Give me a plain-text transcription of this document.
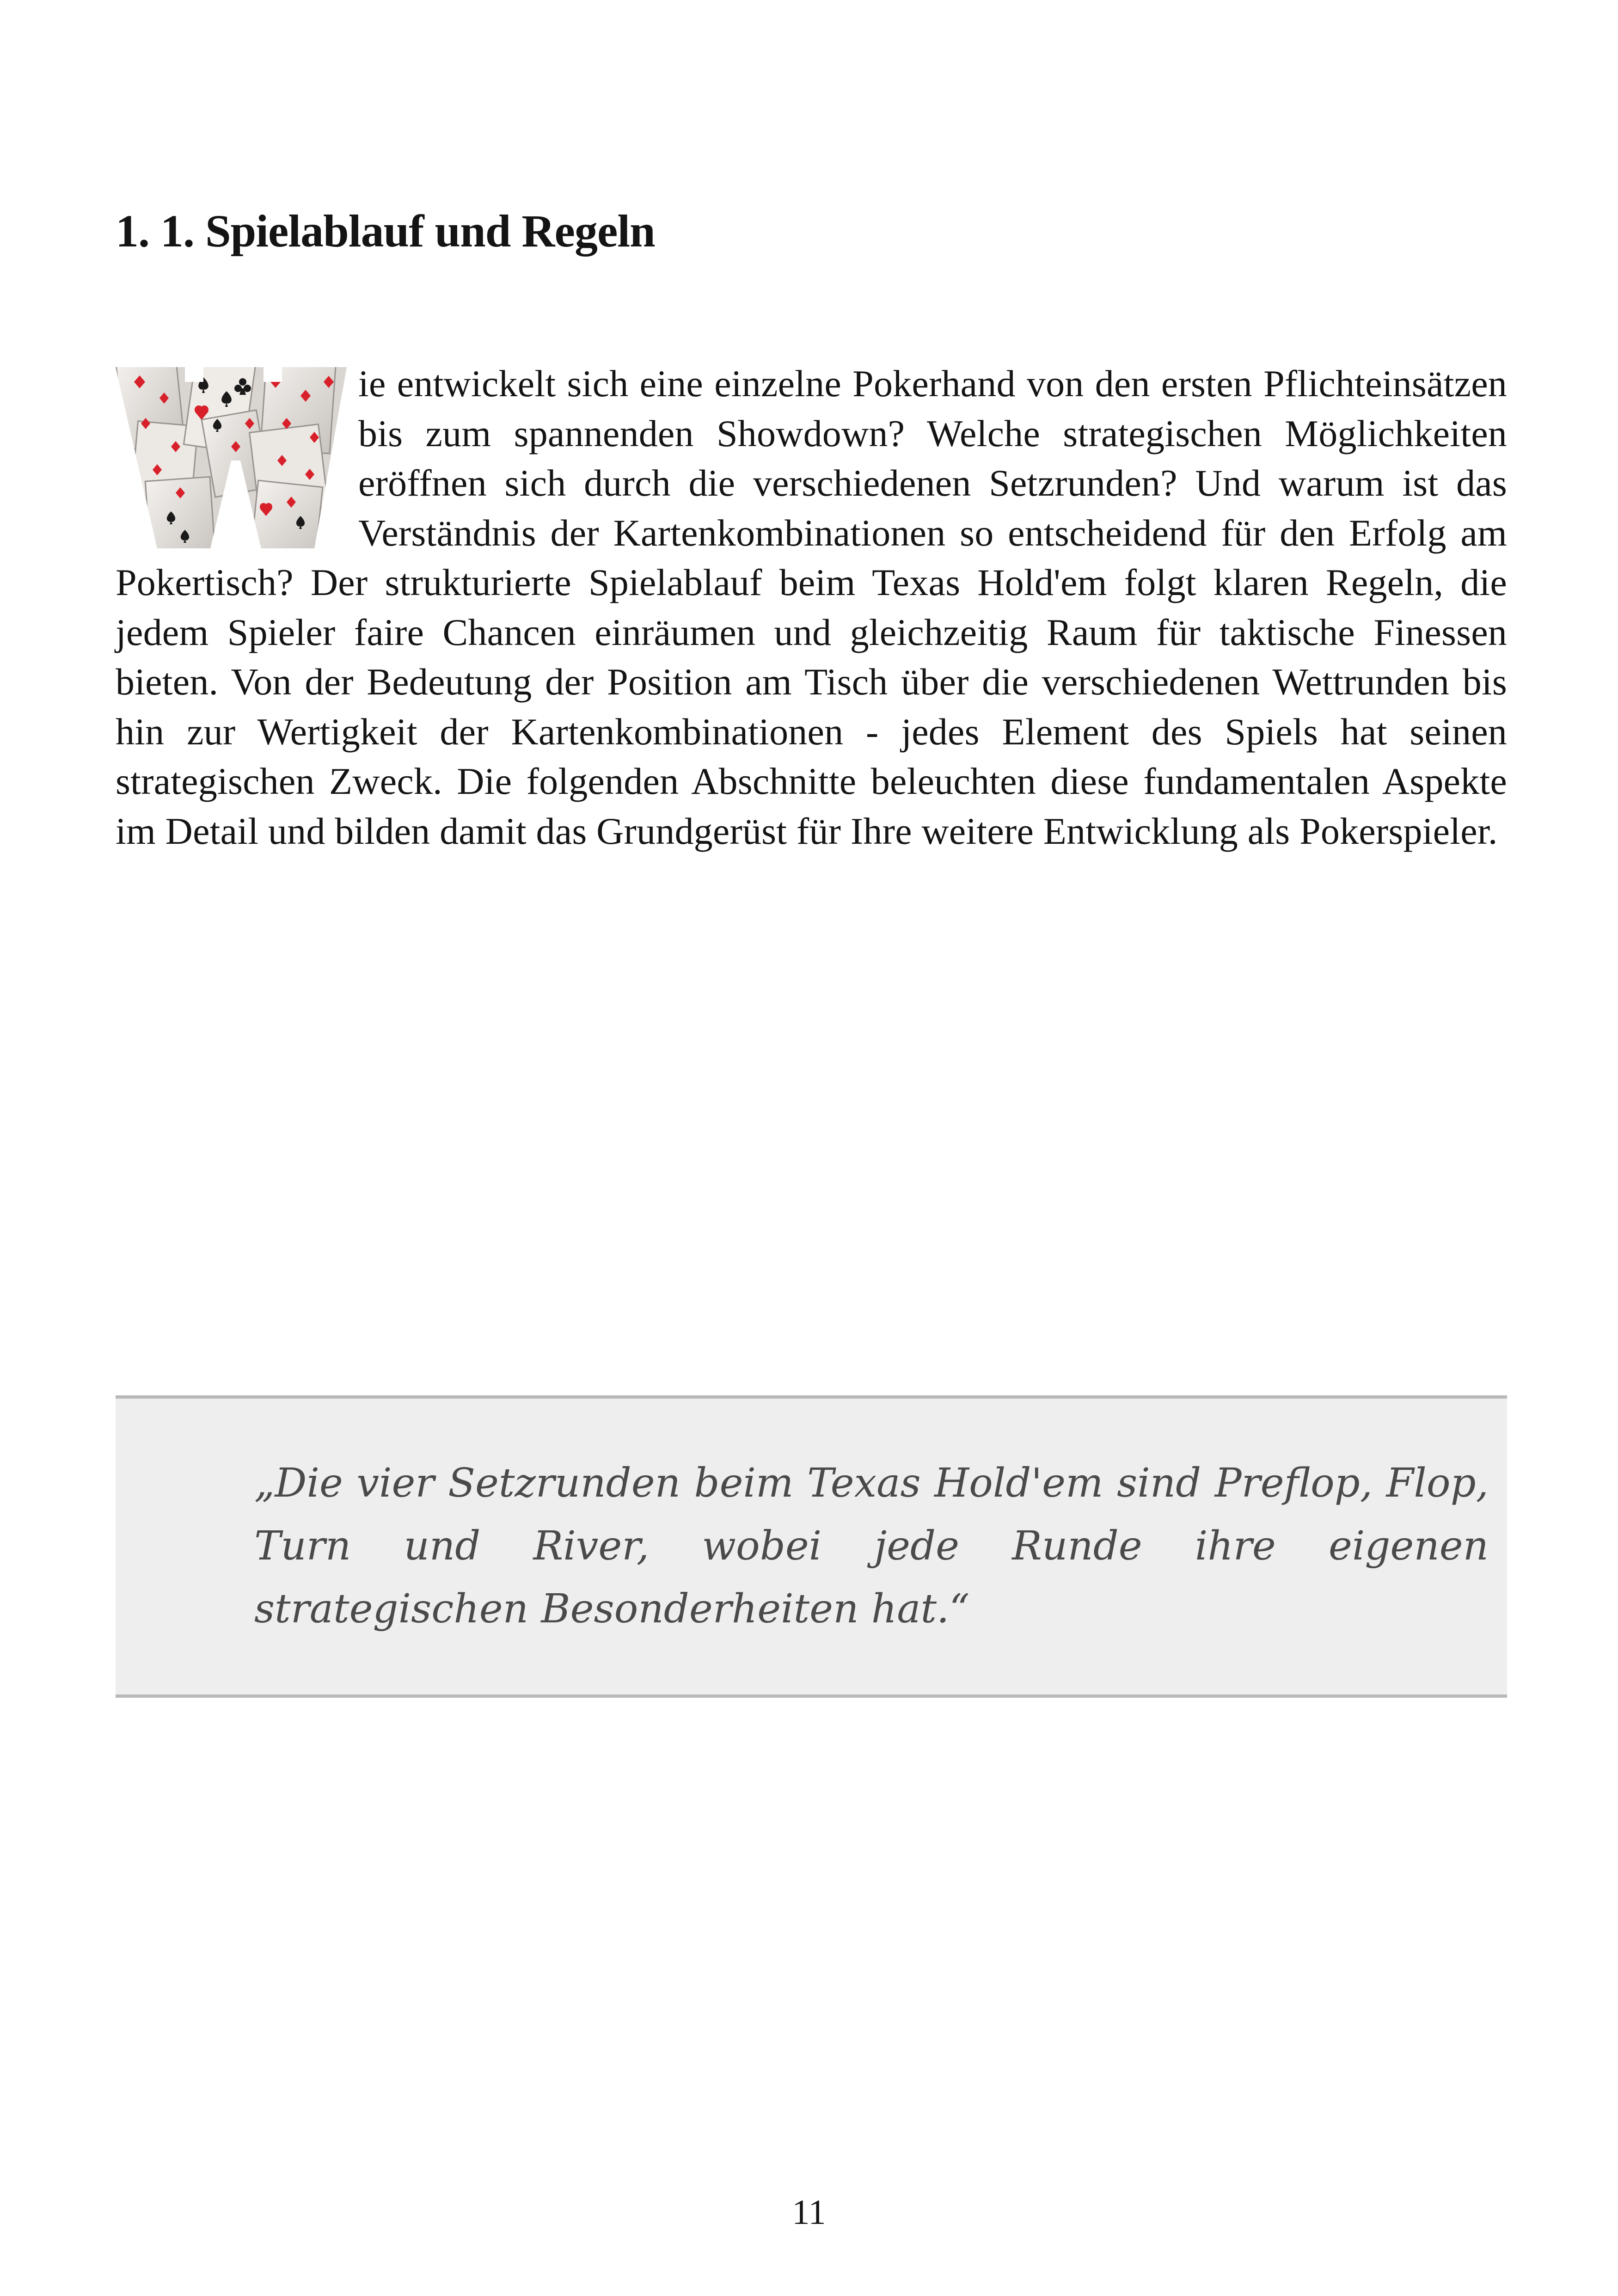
1. 1. Spielablauf und Regeln

ie entwickelt sich eine einzelne Pokerhand von den ersten Pflichteinsätzen bis zum spannenden Showdown? Welche strategischen Möglichkeiten eröffnen sich durch die verschiedenen Setzrunden? Und warum ist das Verständnis der Kartenkombinationen so entscheidend für den Erfolg am Pokertisch? Der strukturierte Spielablauf beim Texas Hold'em folgt klaren Regeln, die jedem Spieler faire Chancen einräumen und gleichzeitig Raum für taktische Finessen bieten. Von der Bedeutung der Position am Tisch über die verschiedenen Wettrunden bis hin zur Wertigkeit der Kartenkombinationen - jedes Element des Spiels hat seinen strategischen Zweck. Die folgenden Abschnitte beleuchten diese fundamentalen Aspekte im Detail und bilden damit das Grundgerüst für Ihre weitere Entwicklung als Pokerspieler.

„Die vier Setzrunden beim Texas Hold'em sind Preflop, Flop, Turn und River, wobei jede Runde ihre eigenen strategischen Besonderheiten hat.“

11
